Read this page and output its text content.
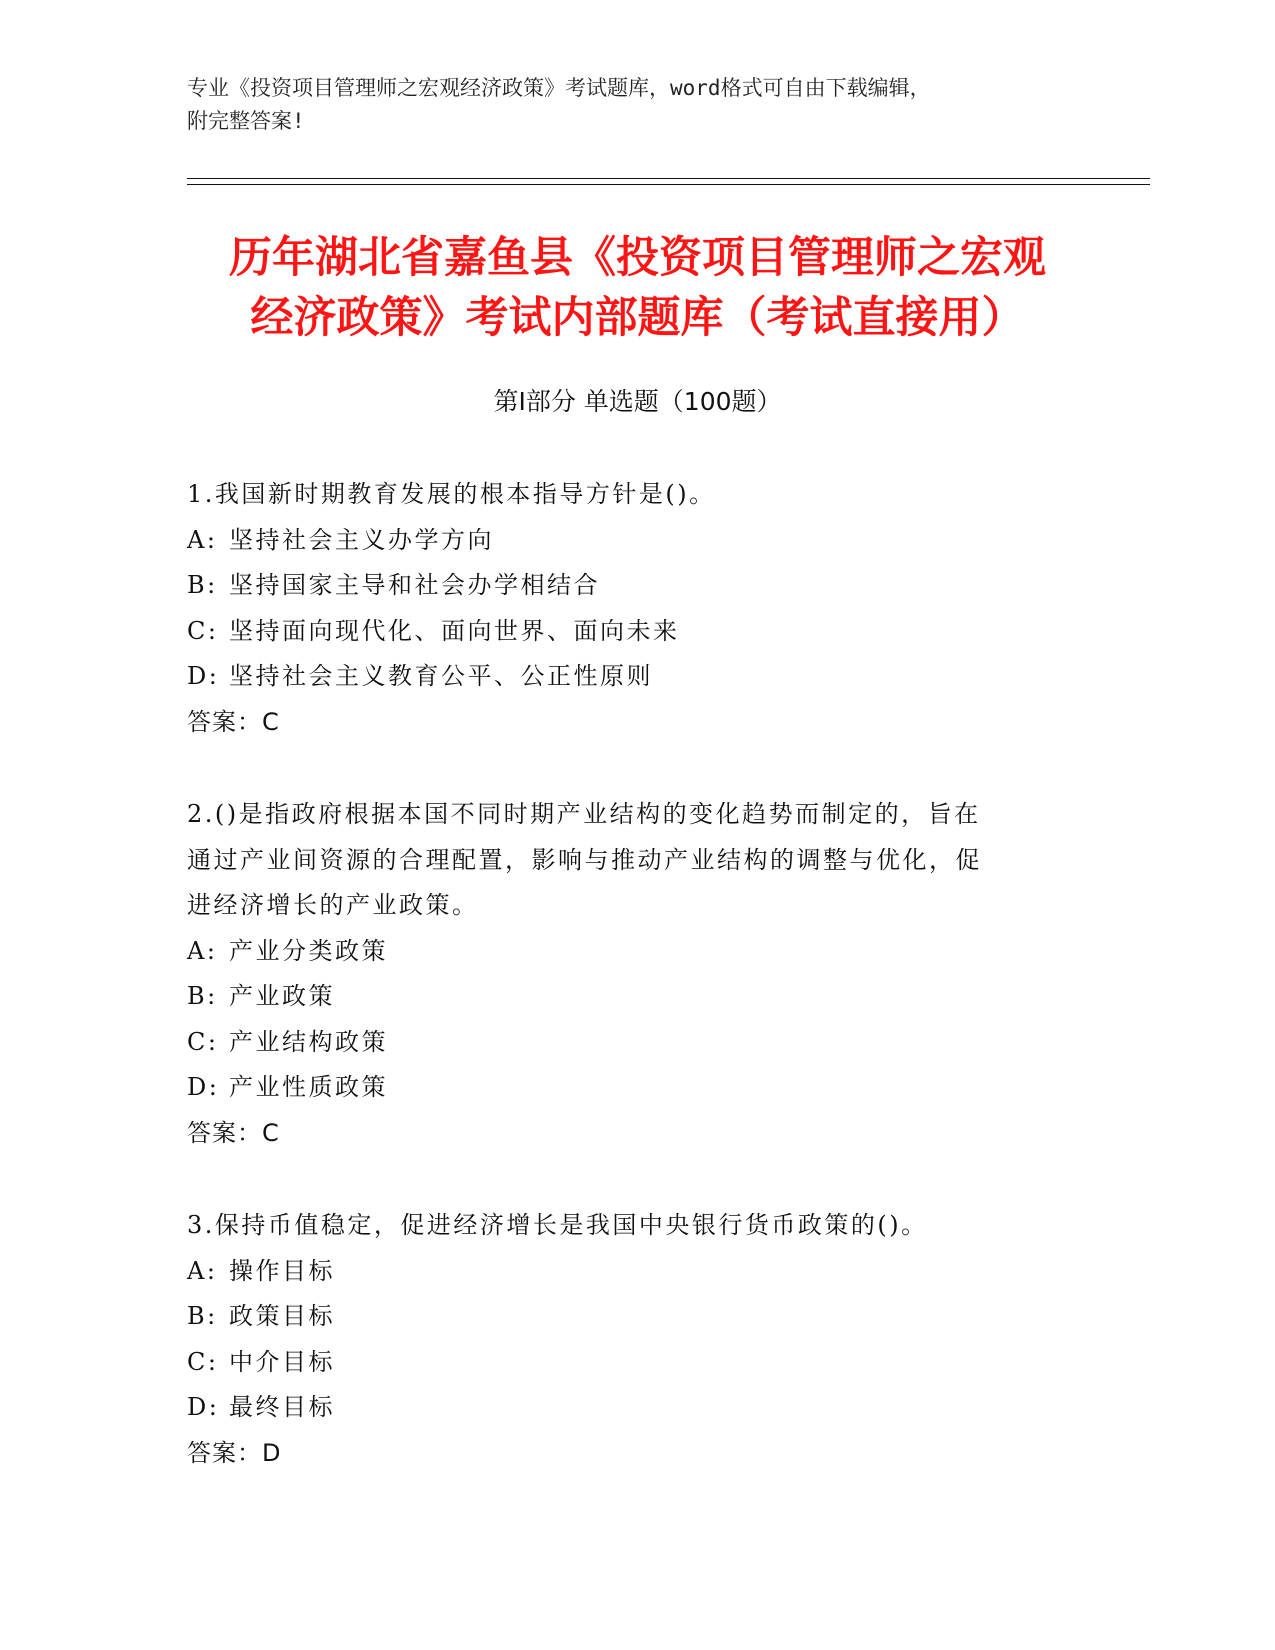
专业《投资项目管理师之宏观经济政策》考试题库，word格式可自由下载编辑，
附完整答案!
历年湖北省嘉鱼县《投资项目管理师之宏观
经济政策》考试内部题库（考试直接用）
第Ⅰ部分 单选题（100题）
1.我国新时期教育发展的根本指导方针是()。
A: 坚持社会主义办学方向
B: 坚持国家主导和社会办学相结合
C: 坚持面向现代化、面向世界、面向未来
D: 坚持社会主义教育公平、公正性原则
答案：C
2.()是指政府根据本国不同时期产业结构的变化趋势而制定的，旨在
通过产业间资源的合理配置，影响与推动产业结构的调整与优化，促
进经济增长的产业政策。
A: 产业分类政策
B: 产业政策
C: 产业结构政策
D: 产业性质政策
答案：C
3.保持币值稳定，促进经济增长是我国中央银行货币政策的()。
A: 操作目标
B: 政策目标
C: 中介目标
D: 最终目标
答案：D
